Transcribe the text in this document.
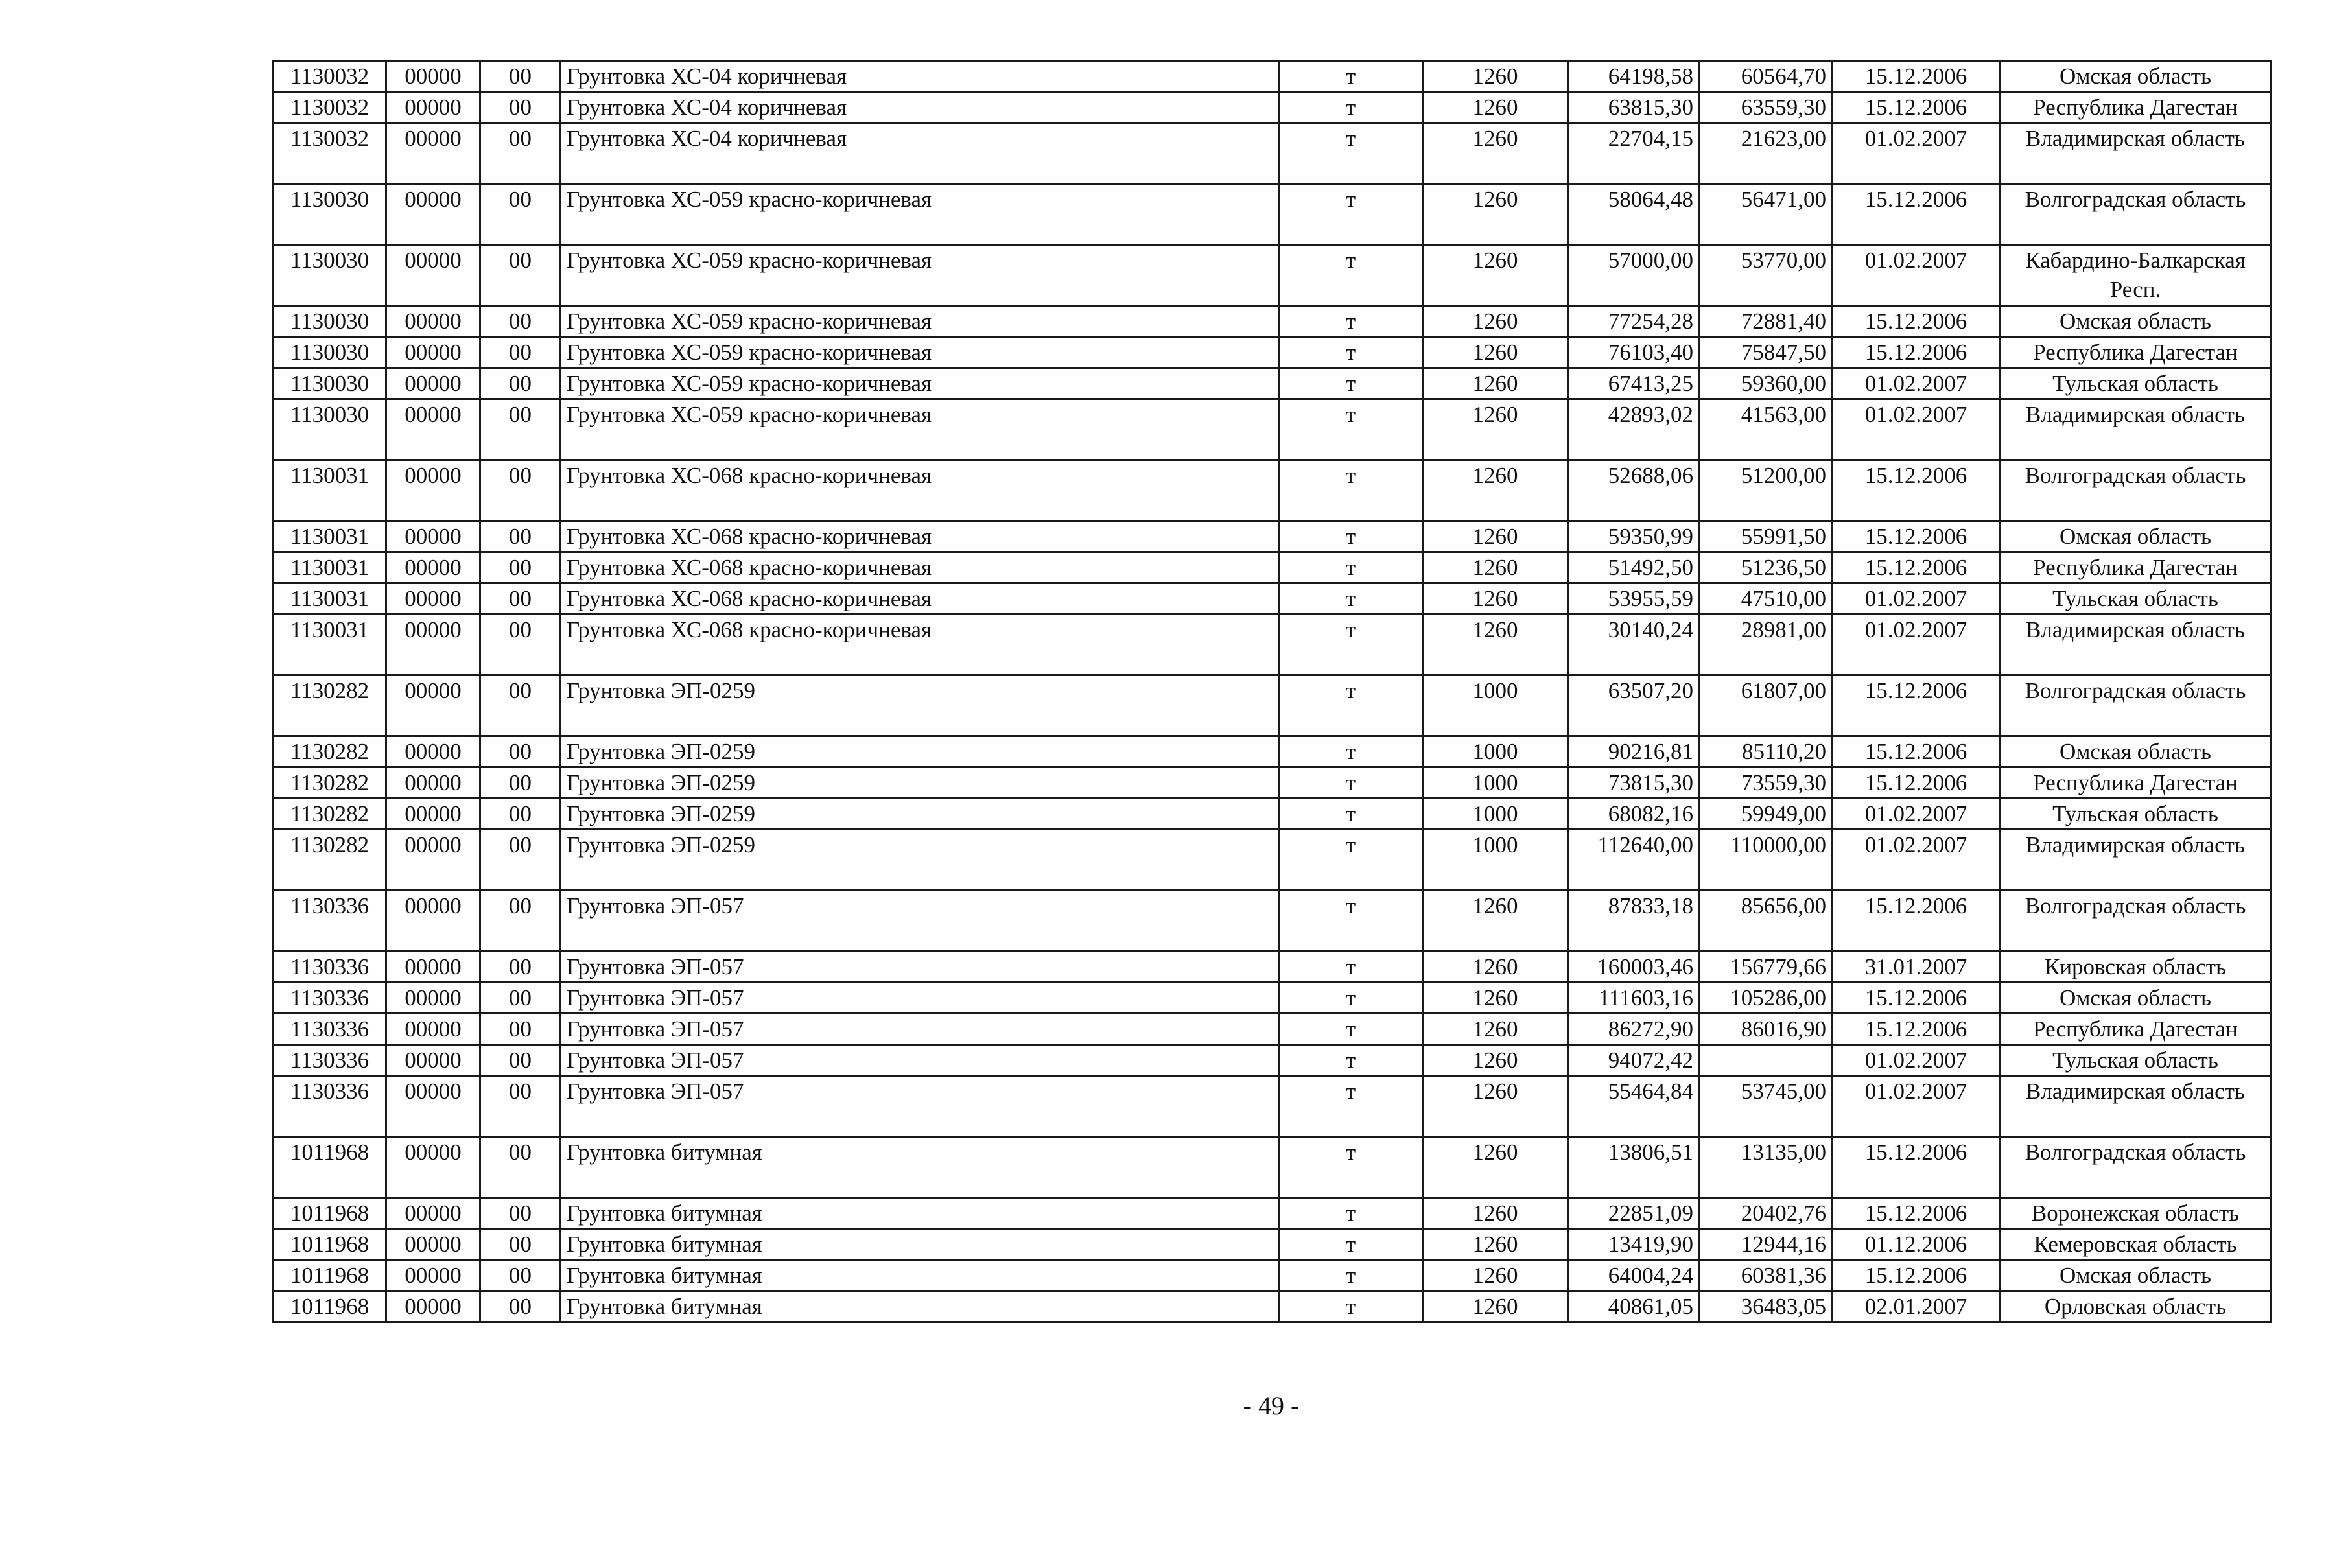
1130032	00000	00	Грунтовка ХС-04 коричневая	т	1260	64198,58	60564,70	15.12.2006	Омская область
1130032	00000	00	Грунтовка ХС-04 коричневая	т	1260	63815,30	63559,30	15.12.2006	Республика Дагестан
1130032	00000	00	Грунтовка ХС-04 коричневая	т	1260	22704,15	21623,00	01.02.2007	Владимирская область
1130030	00000	00	Грунтовка ХС-059 красно-коричневая	т	1260	58064,48	56471,00	15.12.2006	Волгоградская область
1130030	00000	00	Грунтовка ХС-059 красно-коричневая	т	1260	57000,00	53770,00	01.02.2007	Кабардино-Балкарская Респ.
1130030	00000	00	Грунтовка ХС-059 красно-коричневая	т	1260	77254,28	72881,40	15.12.2006	Омская область
1130030	00000	00	Грунтовка ХС-059 красно-коричневая	т	1260	76103,40	75847,50	15.12.2006	Республика Дагестан
1130030	00000	00	Грунтовка ХС-059 красно-коричневая	т	1260	67413,25	59360,00	01.02.2007	Тульская область
1130030	00000	00	Грунтовка ХС-059 красно-коричневая	т	1260	42893,02	41563,00	01.02.2007	Владимирская область
1130031	00000	00	Грунтовка ХС-068 красно-коричневая	т	1260	52688,06	51200,00	15.12.2006	Волгоградская область
1130031	00000	00	Грунтовка ХС-068 красно-коричневая	т	1260	59350,99	55991,50	15.12.2006	Омская область
1130031	00000	00	Грунтовка ХС-068 красно-коричневая	т	1260	51492,50	51236,50	15.12.2006	Республика Дагестан
1130031	00000	00	Грунтовка ХС-068 красно-коричневая	т	1260	53955,59	47510,00	01.02.2007	Тульская область
1130031	00000	00	Грунтовка ХС-068 красно-коричневая	т	1260	30140,24	28981,00	01.02.2007	Владимирская область
1130282	00000	00	Грунтовка ЭП-0259	т	1000	63507,20	61807,00	15.12.2006	Волгоградская область
1130282	00000	00	Грунтовка ЭП-0259	т	1000	90216,81	85110,20	15.12.2006	Омская область
1130282	00000	00	Грунтовка ЭП-0259	т	1000	73815,30	73559,30	15.12.2006	Республика Дагестан
1130282	00000	00	Грунтовка ЭП-0259	т	1000	68082,16	59949,00	01.02.2007	Тульская область
1130282	00000	00	Грунтовка ЭП-0259	т	1000	112640,00	110000,00	01.02.2007	Владимирская область
1130336	00000	00	Грунтовка ЭП-057	т	1260	87833,18	85656,00	15.12.2006	Волгоградская область
1130336	00000	00	Грунтовка ЭП-057	т	1260	160003,46	156779,66	31.01.2007	Кировская область
1130336	00000	00	Грунтовка ЭП-057	т	1260	111603,16	105286,00	15.12.2006	Омская область
1130336	00000	00	Грунтовка ЭП-057	т	1260	86272,90	86016,90	15.12.2006	Республика Дагестан
1130336	00000	00	Грунтовка ЭП-057	т	1260	94072,42		01.02.2007	Тульская область
1130336	00000	00	Грунтовка ЭП-057	т	1260	55464,84	53745,00	01.02.2007	Владимирская область
1011968	00000	00	Грунтовка битумная	т	1260	13806,51	13135,00	15.12.2006	Волгоградская область
1011968	00000	00	Грунтовка битумная	т	1260	22851,09	20402,76	15.12.2006	Воронежская область
1011968	00000	00	Грунтовка битумная	т	1260	13419,90	12944,16	01.12.2006	Кемеровская область
1011968	00000	00	Грунтовка битумная	т	1260	64004,24	60381,36	15.12.2006	Омская область
1011968	00000	00	Грунтовка битумная	т	1260	40861,05	36483,05	02.01.2007	Орловская область
- 49 -
